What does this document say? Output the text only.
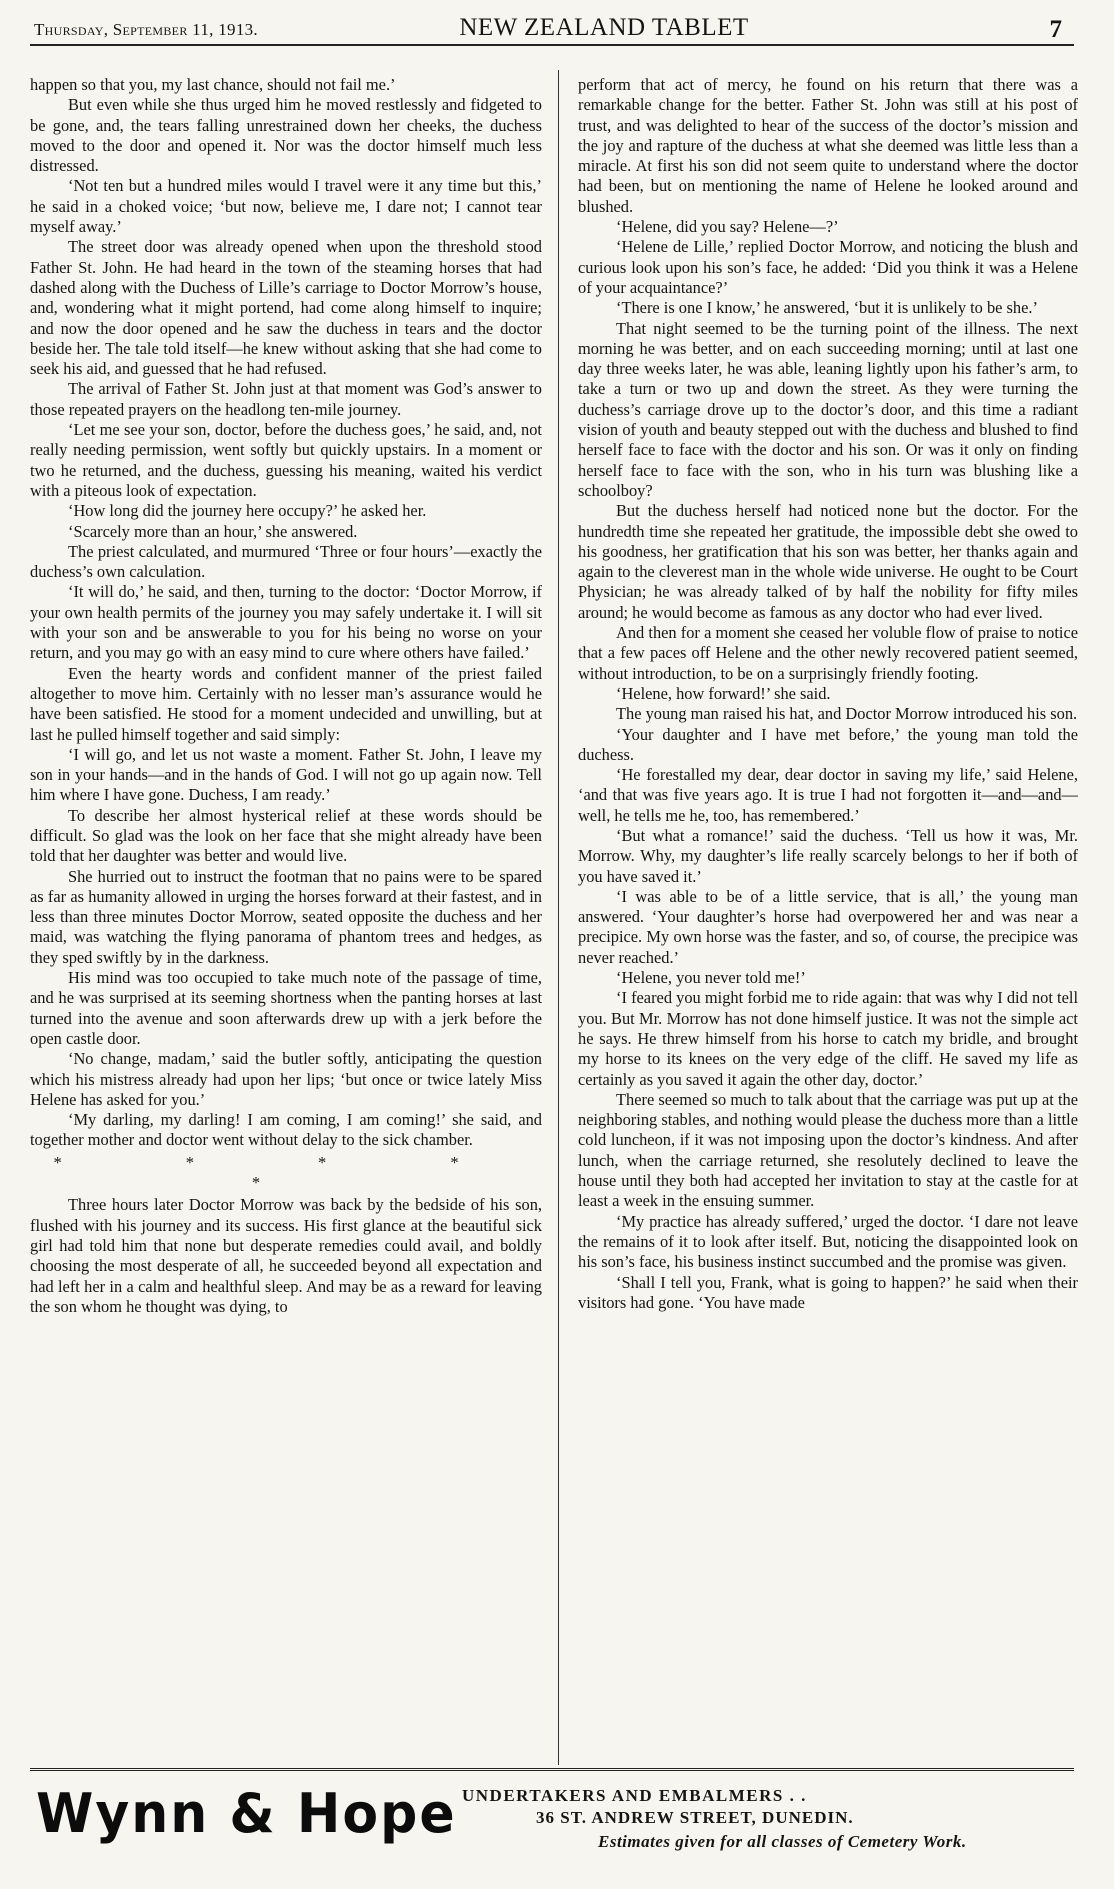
Thursday, September 11, 1913.	NEW ZEALAND TABLET	7

happen so that you, my last chance, should not fail me.’

But even while she thus urged him he moved restlessly and fidgeted to be gone, and, the tears falling unrestrained down her cheeks, the duchess moved to the door and opened it. Nor was the doctor himself much less distressed.

‘Not ten but a hundred miles would I travel were it any time but this,’ he said in a choked voice; ‘but now, believe me, I dare not; I cannot tear myself away.’

The street door was already opened when upon the threshold stood Father St. John. He had heard in the town of the steaming horses that had dashed along with the Duchess of Lille’s carriage to Doctor Morrow’s house, and, wondering what it might portend, had come along himself to inquire; and now the door opened and he saw the duchess in tears and the doctor beside her. The tale told itself—he knew without asking that she had come to seek his aid, and guessed that he had refused.

The arrival of Father St. John just at that moment was God’s answer to those repeated prayers on the headlong ten-mile journey.

‘Let me see your son, doctor, before the duchess goes,’ he said, and, not really needing permission, went softly but quickly upstairs. In a moment or two he returned, and the duchess, guessing his meaning, waited his verdict with a piteous look of expectation.

‘How long did the journey here occupy?’ he asked her.

‘Scarcely more than an hour,’ she answered.

The priest calculated, and murmured ‘Three or four hours’—exactly the duchess’s own calculation.

‘It will do,’ he said, and then, turning to the doctor: ‘Doctor Morrow, if your own health permits of the journey you may safely undertake it. I will sit with your son and be answerable to you for his being no worse on your return, and you may go with an easy mind to cure where others have failed.’

Even the hearty words and confident manner of the priest failed altogether to move him. Certainly with no lesser man’s assurance would he have been satisfied. He stood for a moment undecided and unwilling, but at last he pulled himself together and said simply:

‘I will go, and let us not waste a moment. Father St. John, I leave my son in your hands—and in the hands of God. I will not go up again now. Tell him where I have gone. Duchess, I am ready.’

To describe her almost hysterical relief at these words should be difficult. So glad was the look on her face that she might already have been told that her daughter was better and would live.

She hurried out to instruct the footman that no pains were to be spared as far as humanity allowed in urging the horses forward at their fastest, and in less than three minutes Doctor Morrow, seated opposite the duchess and her maid, was watching the flying panorama of phantom trees and hedges, as they sped swiftly by in the darkness.

His mind was too occupied to take much note of the passage of time, and he was surprised at its seeming shortness when the panting horses at last turned into the avenue and soon afterwards drew up with a jerk before the open castle door.

‘No change, madam,’ said the butler softly, anticipating the question which his mistress already had upon her lips; ‘but once or twice lately Miss Helene has asked for you.’

‘My darling, my darling! I am coming, I am coming!’ she said, and together mother and doctor went without delay to the sick chamber.

* * * * *

Three hours later Doctor Morrow was back by the bedside of his son, flushed with his journey and its success. His first glance at the beautiful sick girl had told him that none but desperate remedies could avail, and boldly choosing the most desperate of all, he succeeded beyond all expectation and had left her in a calm and healthful sleep. And may be as a reward for leaving the son whom he thought was dying, to

perform that act of mercy, he found on his return that there was a remarkable change for the better. Father St. John was still at his post of trust, and was delighted to hear of the success of the doctor’s mission and the joy and rapture of the duchess at what she deemed was little less than a miracle. At first his son did not seem quite to understand where the doctor had been, but on mentioning the name of Helene he looked around and blushed.

‘Helene, did you say? Helene—?’

‘Helene de Lille,’ replied Doctor Morrow, and noticing the blush and curious look upon his son’s face, he added: ‘Did you think it was a Helene of your acquaintance?’

‘There is one I know,’ he answered, ‘but it is unlikely to be she.’

That night seemed to be the turning point of the illness. The next morning he was better, and on each succeeding morning; until at last one day three weeks later, he was able, leaning lightly upon his father’s arm, to take a turn or two up and down the street. As they were turning the duchess’s carriage drove up to the doctor’s door, and this time a radiant vision of youth and beauty stepped out with the duchess and blushed to find herself face to face with the doctor and his son. Or was it only on finding herself face to face with the son, who in his turn was blushing like a schoolboy?

But the duchess herself had noticed none but the doctor. For the hundredth time she repeated her gratitude, the impossible debt she owed to his goodness, her gratification that his son was better, her thanks again and again to the cleverest man in the whole wide universe. He ought to be Court Physician; he was already talked of by half the nobility for fifty miles around; he would become as famous as any doctor who had ever lived.

And then for a moment she ceased her voluble flow of praise to notice that a few paces off Helene and the other newly recovered patient seemed, without introduction, to be on a surprisingly friendly footing.

‘Helene, how forward!’ she said.

The young man raised his hat, and Doctor Morrow introduced his son.

‘Your daughter and I have met before,’ the young man told the duchess.

‘He forestalled my dear, dear doctor in saving my life,’ said Helene, ‘and that was five years ago. It is true I had not forgotten it—and—and—well, he tells me he, too, has remembered.’

‘But what a romance!’ said the duchess. ‘Tell us how it was, Mr. Morrow. Why, my daughter’s life really scarcely belongs to her if both of you have saved it.’

‘I was able to be of a little service, that is all,’ the young man answered. ‘Your daughter’s horse had overpowered her and was near a precipice. My own horse was the faster, and so, of course, the precipice was never reached.’

‘Helene, you never told me!’

‘I feared you might forbid me to ride again: that was why I did not tell you. But Mr. Morrow has not done himself justice. It was not the simple act he says. He threw himself from his horse to catch my bridle, and brought my horse to its knees on the very edge of the cliff. He saved my life as certainly as you saved it again the other day, doctor.’

There seemed so much to talk about that the carriage was put up at the neighboring stables, and nothing would please the duchess more than a little cold luncheon, if it was not imposing upon the doctor’s kindness. And after lunch, when the carriage returned, she resolutely declined to leave the house until they both had accepted her invitation to stay at the castle for at least a week in the ensuing summer.

‘My practice has already suffered,’ urged the doctor. ‘I dare not leave the remains of it to look after itself. But, noticing the disappointed look on his son’s face, his business instinct succumbed and the promise was given.

‘Shall I tell you, Frank, what is going to happen?’ he said when their visitors had gone. ‘You have made

Wynn & Hope UNDERTAKERS AND EMBALMERS . .
36 ST. ANDREW STREET, DUNEDIN.
Estimates given for all classes of Cemetery Work.
